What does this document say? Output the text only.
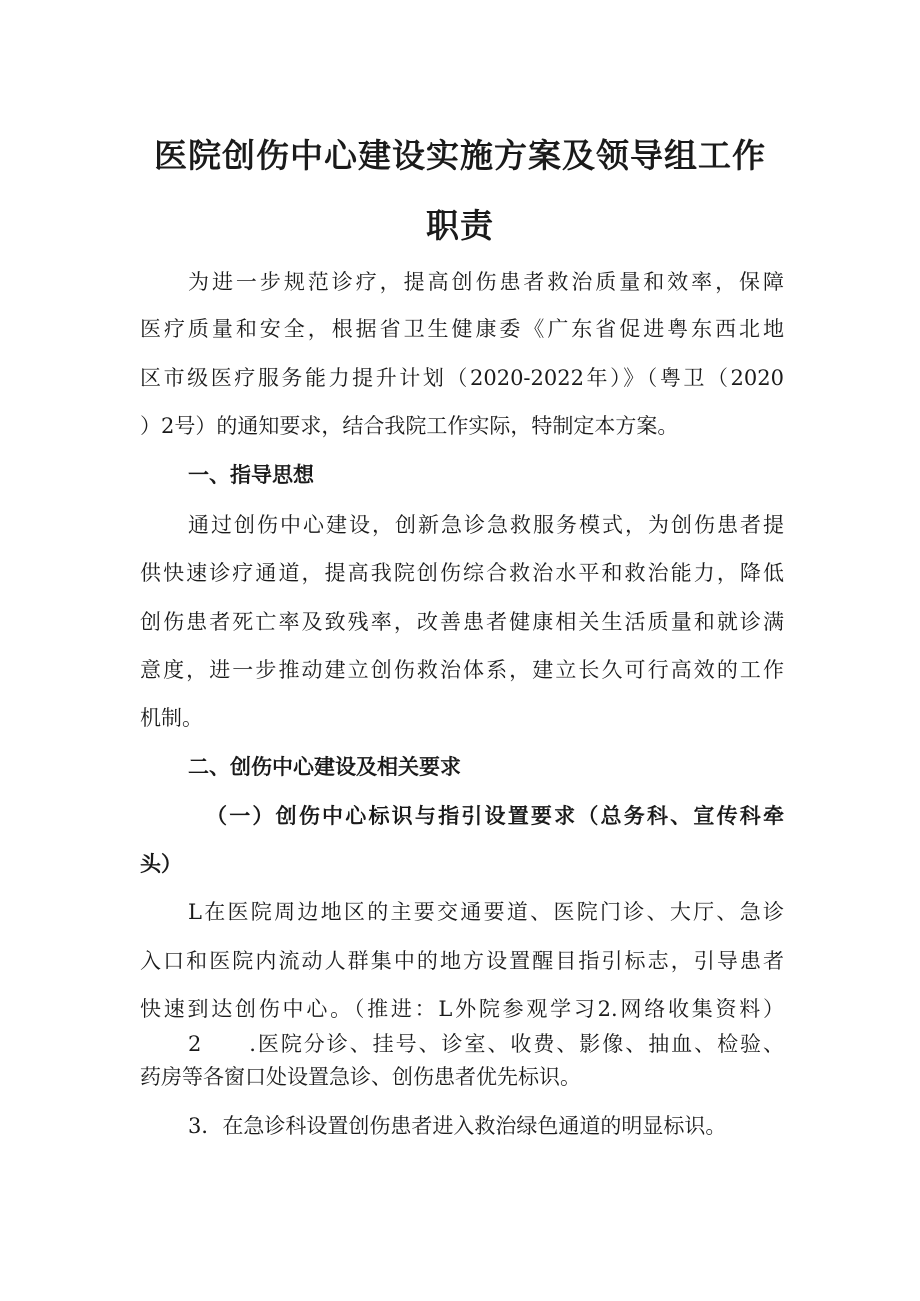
医院创伤中心建设实施方案及领导组工作
职责

为进一步规范诊疗，提高创伤患者救治质量和效率，保障

医疗质量和安全，根据省卫生健康委《广东省促进粤东西北地

区市级医疗服务能力提升计划（2020-2022年）》（粤卫（2020

）2号）的通知要求，结合我院工作实际，特制定本方案。

一、指导思想

通过创伤中心建设，创新急诊急救服务模式，为创伤患者提

供快速诊疗通道，提高我院创伤综合救治水平和救治能力，降低

创伤患者死亡率及致残率，改善患者健康相关生活质量和就诊满

意度，进一步推动建立创伤救治体系，建立长久可行高效的工作

机制。

二、创伤中心建设及相关要求

（一）创伤中心标识与指引设置要求（总务科、宣传科牵

头）

L在医院周边地区的主要交通要道、医院门诊、大厅、急诊

入口和医院内流动人群集中的地方设置醒目指引标志，引导患者

快速到达创伤中心。（推进：L外院参观学习2.网络收集资料）

2　　.医院分诊、挂号、诊室、收费、影像、抽血、检验、

药房等各窗口处设置急诊、创伤患者优先标识。

3．在急诊科设置创伤患者进入救治绿色通道的明显标识。
